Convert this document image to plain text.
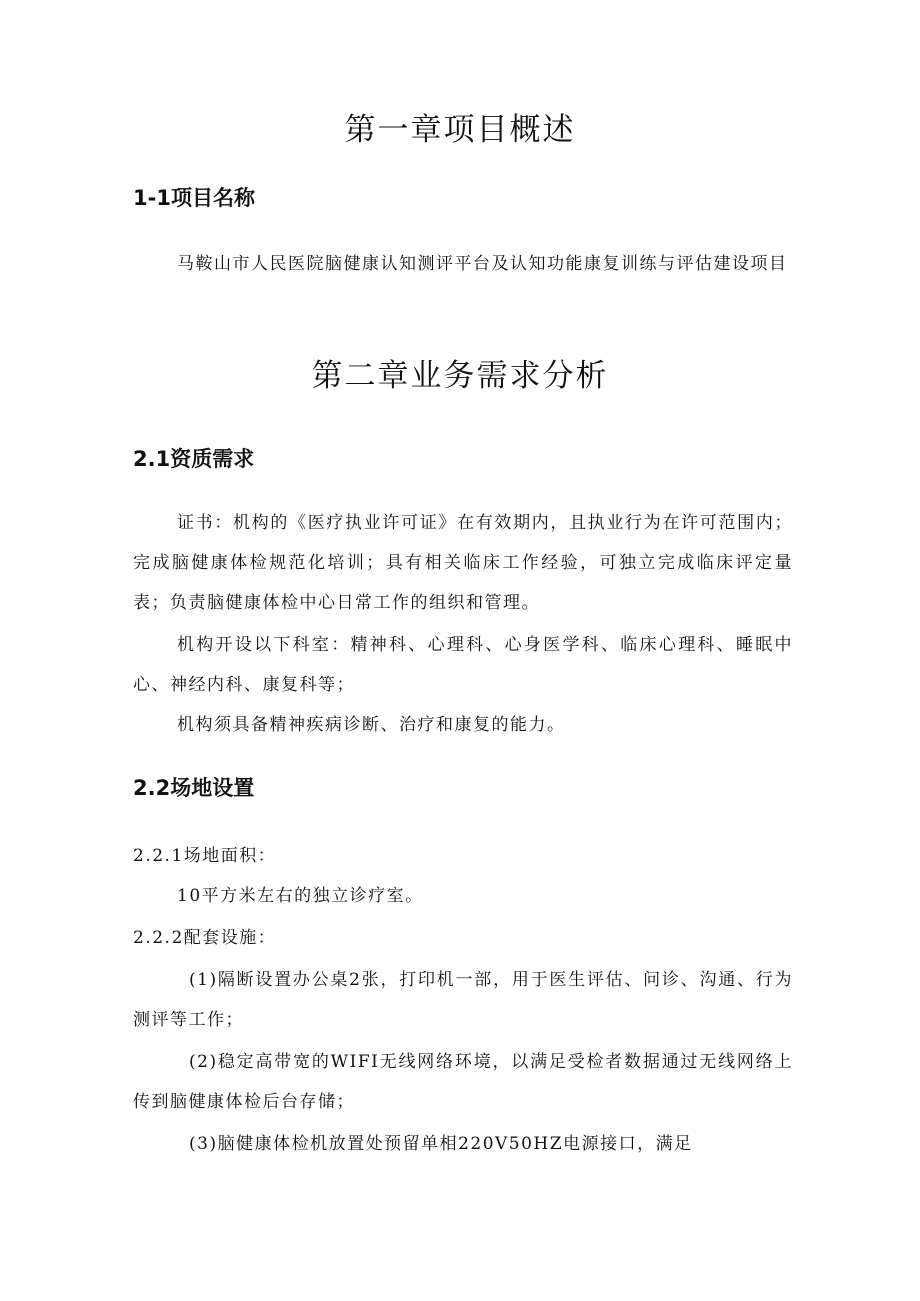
第一章项目概述
1-1项目名称

马鞍山市人民医院脑健康认知测评平台及认知功能康复训练与评估建设项目

第二章业务需求分析
2.1资质需求

证书：机构的《医疗执业许可证》在有效期内，且执业行为在许可范围内；完成脑健康体检规范化培训；具有相关临床工作经验，可独立完成临床评定量表；负责脑健康体检中心日常工作的组织和管理。

机构开设以下科室：精神科、心理科、心身医学科、临床心理科、睡眠中心、神经内科、康复科等；

机构须具备精神疾病诊断、治疗和康复的能力。

2.2场地设置

2.2.1场地面积：

10平方米左右的独立诊疗室。

2.2.2配套设施：

(1)隔断设置办公桌2张，打印机一部，用于医生评估、问诊、沟通、行为测评等工作；

(2)稳定高带宽的WIFI无线网络环境，以满足受检者数据通过无线网络上传到脑健康体检后台存储；

(3)脑健康体检机放置处预留单相220V50HZ电源接口，满足
